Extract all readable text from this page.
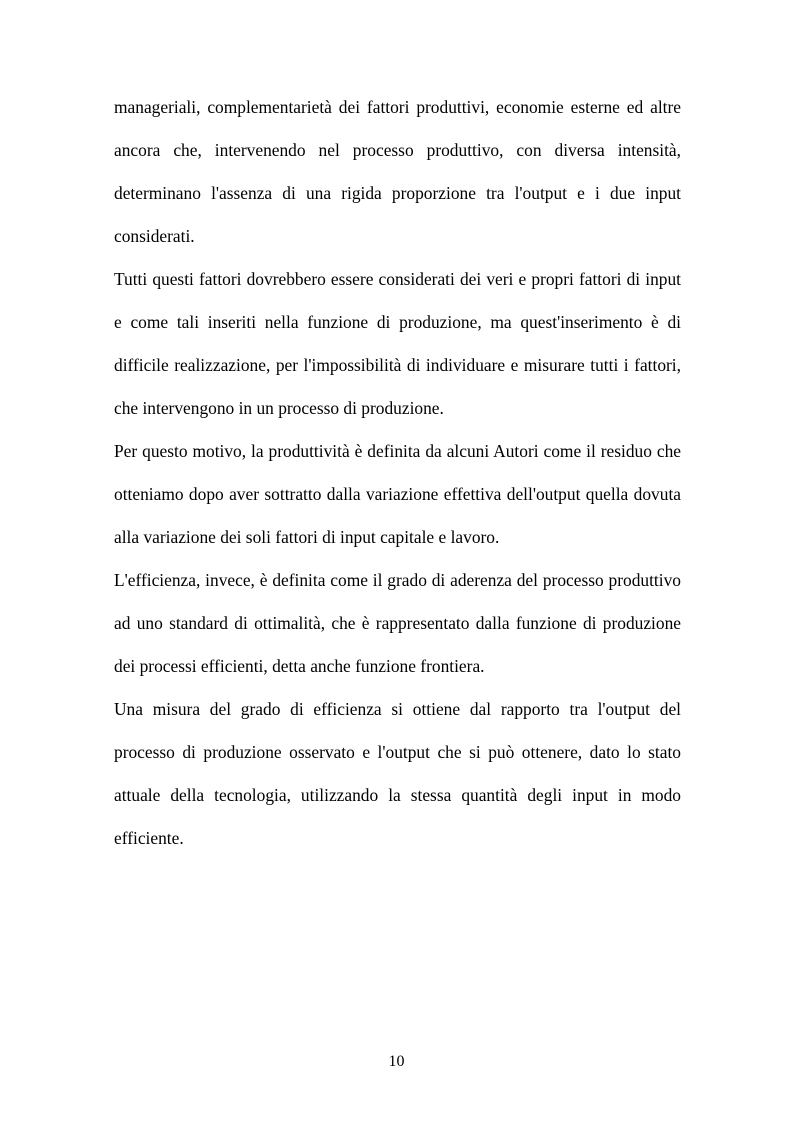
manageriali, complementarietà dei fattori produttivi, economie esterne ed altre ancora che, intervenendo nel processo produttivo, con diversa intensità, determinano l'assenza di una rigida proporzione tra l'output e i due input considerati.

Tutti questi fattori dovrebbero essere considerati dei veri e propri fattori di input e come tali inseriti nella funzione di produzione, ma quest'inserimento è di difficile realizzazione, per l'impossibilità di individuare e misurare tutti i fattori, che intervengono in un processo di produzione.

Per questo motivo, la produttività è definita da alcuni Autori come il residuo che otteniamo dopo aver sottratto dalla variazione effettiva dell'output quella dovuta alla variazione dei soli fattori di input capitale e lavoro.

L'efficienza, invece, è definita come il grado di aderenza del processo produttivo ad uno standard di ottimalità, che è rappresentato dalla funzione di produzione dei processi efficienti, detta anche funzione frontiera.

Una misura del grado di efficienza si ottiene dal rapporto tra l'output del processo di produzione osservato e l'output che si può ottenere, dato lo stato attuale della tecnologia, utilizzando la stessa quantità degli input in modo efficiente.

10
